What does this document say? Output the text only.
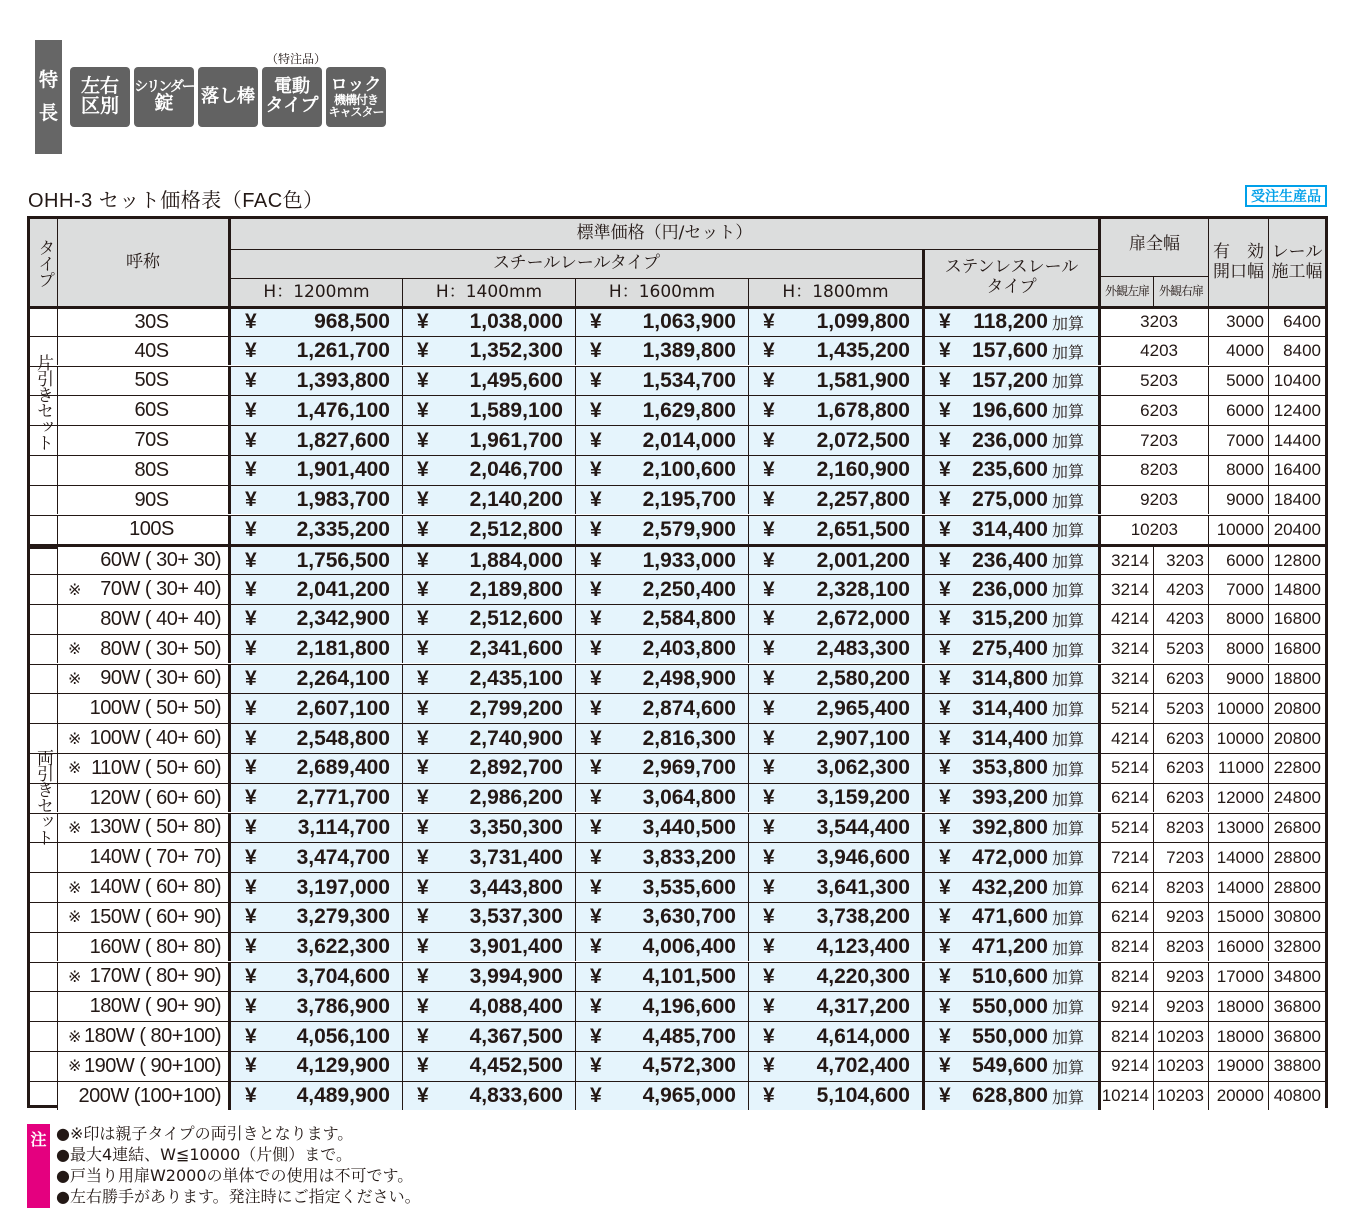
特
長
（特注品）
左右
区別
シリンダー
錠	落し棒	電動
タイプ
ロック
機構付き
キャスター
OHH-3 セット価格表（FAC色）	受注生産品
タイプ	呼称
標準価格（円/セット）
スチールレールタイプ
H：1200mm	H：1400mm	H：1600mm	H：1800mm
ステンレスレール
タイプ
扉全幅
外観左扉 外観右扉
有　効
開口幅
レール
施工幅
片引きセット
両引きセット
30S	¥	968,500 ¥ 1,038,000 ¥ 1,063,900 ¥ 1,099,800 ¥ 118,200 加算	3203	3000	6400
40S	¥ 1,261,700 ¥ 1,352,300 ¥ 1,389,800 ¥ 1,435,200 ¥ 157,600 加算	4203	4000	8400
50S	¥ 1,393,800 ¥ 1,495,600 ¥ 1,534,700 ¥ 1,581,900 ¥ 157,200 加算	5203	5000 10400
60S	¥ 1,476,100 ¥ 1,589,100 ¥ 1,629,800 ¥ 1,678,800 ¥ 196,600 加算	6203	6000 12400
70S	¥ 1,827,600 ¥ 1,961,700 ¥ 2,014,000 ¥ 2,072,500 ¥ 236,000 加算	7203	7000 14400
80S	¥ 1,901,400 ¥ 2,046,700 ¥ 2,100,600 ¥ 2,160,900 ¥ 235,600 加算	8203	8000 16400
90S	¥ 1,983,700 ¥ 2,140,200 ¥ 2,195,700 ¥ 2,257,800 ¥ 275,000 加算	9203	9000 18400
100S	¥ 2,335,200 ¥ 2,512,800 ¥ 2,579,900 ¥ 2,651,500 ¥ 314,400 加算	10203	10000 20400
60W ( 30+ 30) ¥ 1,756,500 ¥ 1,884,000 ¥ 1,933,000 ¥ 2,001,200 ¥ 236,400 加算	3214	3203	6000 12800
※ 70W ( 30+ 40) ¥ 2,041,200 ¥ 2,189,800 ¥ 2,250,400 ¥ 2,328,100 ¥ 236,000 加算	3214	4203	7000 14800
80W ( 40+ 40) ¥ 2,342,900 ¥ 2,512,600 ¥ 2,584,800 ¥ 2,672,000 ¥ 315,200 加算	4214	4203	8000 16800
※ 80W ( 30+ 50) ¥ 2,181,800 ¥ 2,341,600 ¥ 2,403,800 ¥ 2,483,300 ¥ 275,400 加算	3214	5203	8000 16800
※ 90W ( 30+ 60) ¥ 2,264,100 ¥ 2,435,100 ¥ 2,498,900 ¥ 2,580,200 ¥ 314,800 加算	3214	6203	9000 18800
100W ( 50+ 50) ¥ 2,607,100 ¥ 2,799,200 ¥ 2,874,600 ¥ 2,965,400 ¥ 314,400 加算	5214	5203 10000 20800
※ 100W ( 40+ 60) ¥ 2,548,800 ¥ 2,740,900 ¥ 2,816,300 ¥ 2,907,100 ¥ 314,400 加算	4214	6203 10000 20800
※ 110W ( 50+ 60) ¥ 2,689,400 ¥ 2,892,700 ¥ 2,969,700 ¥ 3,062,300 ¥ 353,800 加算	5214	6203 11000 22800
120W ( 60+ 60) ¥ 2,771,700 ¥ 2,986,200 ¥ 3,064,800 ¥ 3,159,200 ¥ 393,200 加算	6214	6203 12000 24800
※ 130W ( 50+ 80) ¥ 3,114,700 ¥ 3,350,300 ¥ 3,440,500 ¥ 3,544,400 ¥ 392,800 加算	5214	8203 13000 26800
140W ( 70+ 70) ¥ 3,474,700 ¥ 3,731,400 ¥ 3,833,200 ¥ 3,946,600 ¥ 472,000 加算	7214	7203 14000 28800
※ 140W ( 60+ 80) ¥ 3,197,000 ¥ 3,443,800 ¥ 3,535,600 ¥ 3,641,300 ¥ 432,200 加算	6214	8203 14000 28800
※ 150W ( 60+ 90) ¥ 3,279,300 ¥ 3,537,300 ¥ 3,630,700 ¥ 3,738,200 ¥ 471,600 加算	6214	9203 15000 30800
160W ( 80+ 80) ¥ 3,622,300 ¥ 3,901,400 ¥ 4,006,400 ¥ 4,123,400 ¥ 471,200 加算	8214	8203 16000 32800
※ 170W ( 80+ 90) ¥ 3,704,600 ¥ 3,994,900 ¥ 4,101,500 ¥ 4,220,300 ¥ 510,600 加算	8214	9203 17000 34800
180W ( 90+ 90) ¥ 3,786,900 ¥ 4,088,400 ¥ 4,196,600 ¥ 4,317,200 ¥ 550,000 加算	9214	9203 18000 36800
※ 180W ( 80+100) ¥ 4,056,100 ¥ 4,367,500 ¥ 4,485,700 ¥ 4,614,000 ¥ 550,000 加算	8214 10203 18000 36800
※ 190W ( 90+100) ¥ 4,129,900 ¥ 4,452,500 ¥ 4,572,300 ¥ 4,702,400 ¥ 549,600 加算	9214 10203 19000 38800
200W (100+100) ¥ 4,489,900 ¥ 4,833,600 ¥ 4,965,000 ¥ 5,104,600 ¥ 628,800 加算 10214 10203 20000 40800
注 ●※印は親子タイプの両引きとなります。
●最大4連結、W≦10000（片側）まで。
●戸当り用扉W2000の単体での使用は不可です。
●左右勝手があります。発注時にご指定ください。
